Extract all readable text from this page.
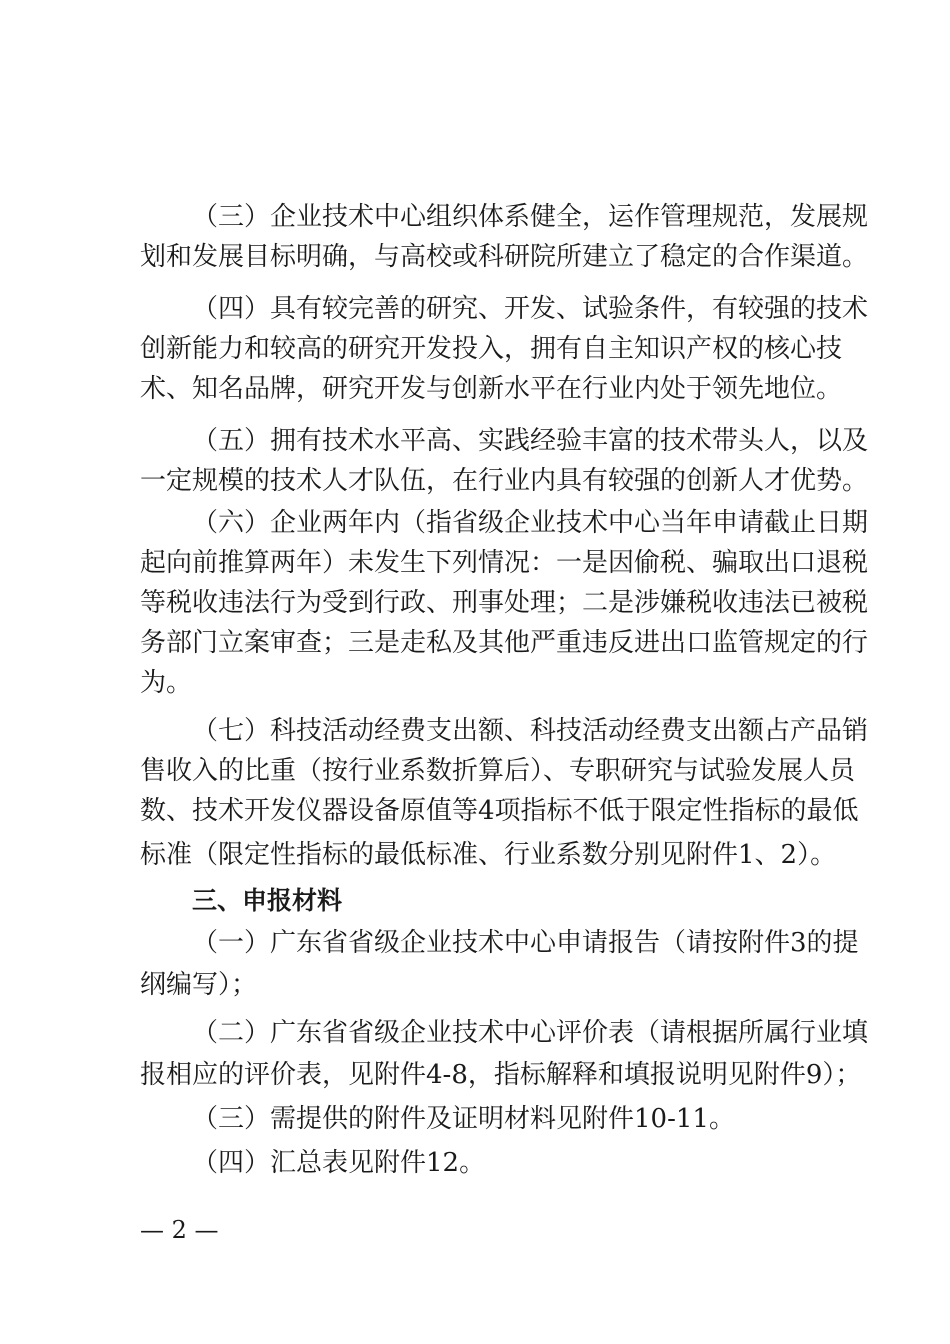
（三）企业技术中心组织体系健全，运作管理规范，发展规
划和发展目标明确，与高校或科研院所建立了稳定的合作渠道。
（四）具有较完善的研究、开发、试验条件，有较强的技术
创新能力和较高的研究开发投入，拥有自主知识产权的核心技
术、知名品牌，研究开发与创新水平在行业内处于领先地位。
（五）拥有技术水平高、实践经验丰富的技术带头人，以及
一定规模的技术人才队伍，在行业内具有较强的创新人才优势。
（六）企业两年内（指省级企业技术中心当年申请截止日期
起向前推算两年）未发生下列情况：一是因偷税、骗取出口退税
等税收违法行为受到行政、刑事处理；二是涉嫌税收违法已被税
务部门立案审查；三是走私及其他严重违反进出口监管规定的行
为。
（七）科技活动经费支出额、科技活动经费支出额占产品销
售收入的比重（按行业系数折算后）、专职研究与试验发展人员
数、技术开发仪器设备原值等4项指标不低于限定性指标的最低
标准（限定性指标的最低标准、行业系数分别见附件1、2）。
三、申报材料
（一）广东省省级企业技术中心申请报告（请按附件3的提
纲编写）；
（二）广东省省级企业技术中心评价表（请根据所属行业填
报相应的评价表，见附件4-8，指标解释和填报说明见附件9）；
（三）需提供的附件及证明材料见附件10-11。
（四）汇总表见附件12。
— 2 —
